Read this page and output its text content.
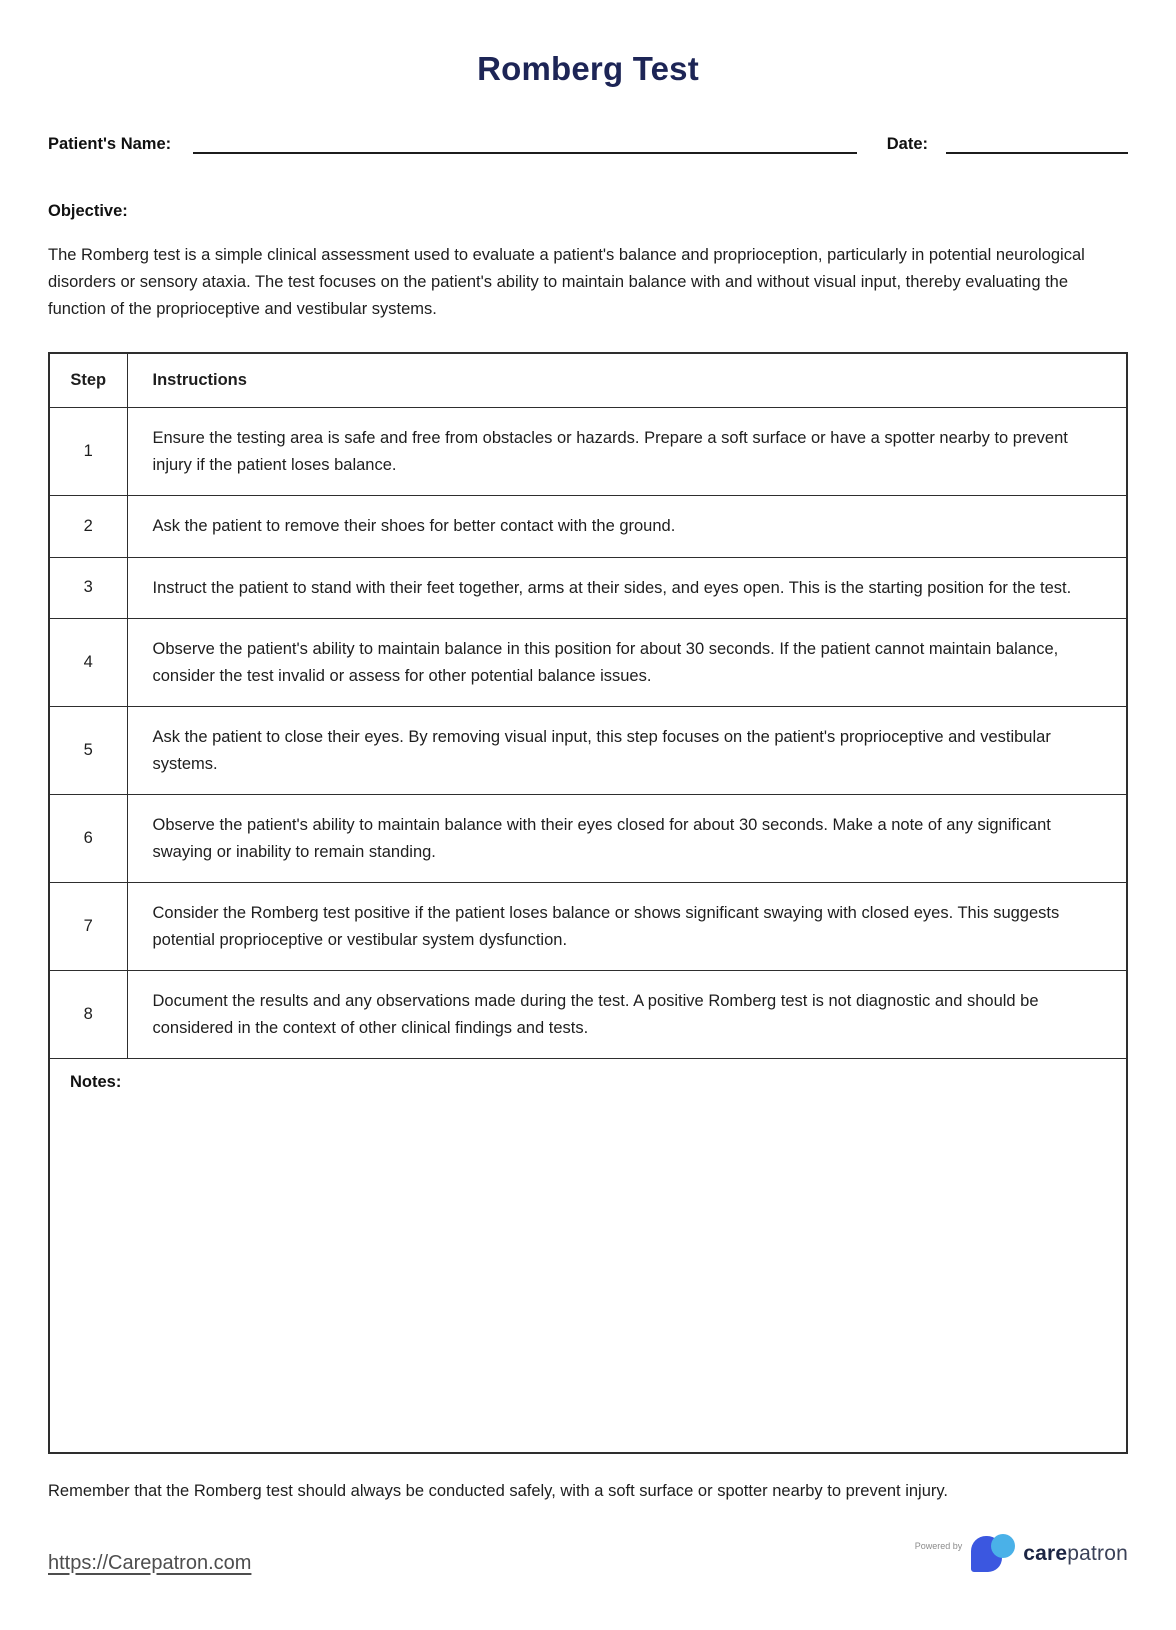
Romberg Test
Patient's Name:	Date:
Objective:
The Romberg test is a simple clinical assessment used to evaluate a patient's balance and proprioception, particularly in potential neurological disorders or sensory ataxia. The test focuses on the patient's ability to maintain balance with and without visual input, thereby evaluating the function of the proprioceptive and vestibular systems.
Step	Instructions
1	Ensure the testing area is safe and free from obstacles or hazards. Prepare a soft surface or have a spotter nearby to prevent injury if the patient loses balance.
2	Ask the patient to remove their shoes for better contact with the ground.
3	Instruct the patient to stand with their feet together, arms at their sides, and eyes open. This is the starting position for the test.
4	Observe the patient's ability to maintain balance in this position for about 30 seconds. If the patient cannot maintain balance, consider the test invalid or assess for other potential balance issues.
5	Ask the patient to close their eyes. By removing visual input, this step focuses on the patient's proprioceptive and vestibular systems.
6	Observe the patient's ability to maintain balance with their eyes closed for about 30 seconds. Make a note of any significant swaying or inability to remain standing.
7	Consider the Romberg test positive if the patient loses balance or shows significant swaying with closed eyes. This suggests potential proprioceptive or vestibular system dysfunction.
8	Document the results and any observations made during the test. A positive Romberg test is not diagnostic and should be considered in the context of other clinical findings and tests.
Notes:	
Remember that the Romberg test should always be conducted safely, with a soft surface or spotter nearby to prevent injury.
https://Carepatron.com
Powered by	carepatron
